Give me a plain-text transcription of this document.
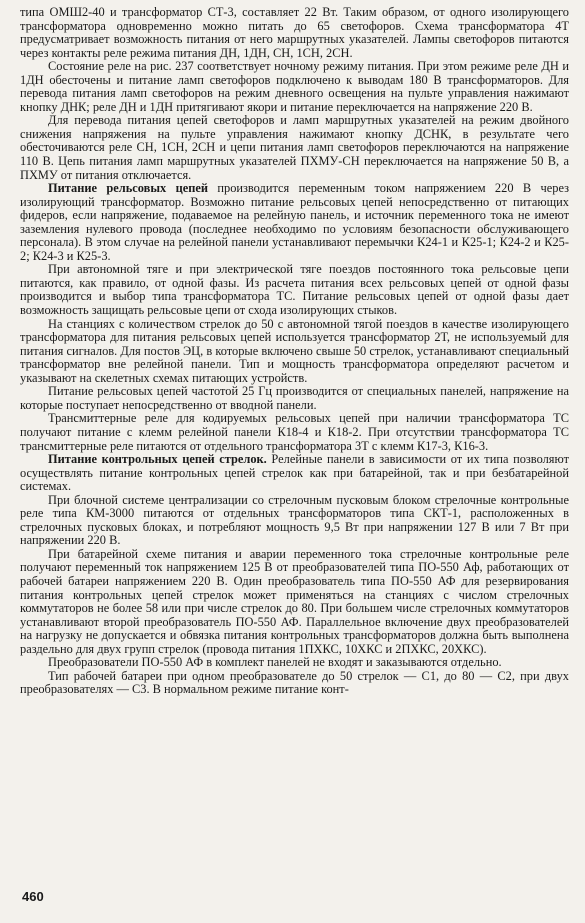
типа ОМШ2-40 и трансформатор СТ-3, составляет 22 Вт. Таким образом, от одного изолирующего трансформатора одновременно можно питать до 65 светофоров. Схема трансформатора 4Т предусматривает возможность питания от него маршрутных указателей. Лампы светофоров питаются через контакты реле режима питания ДН, 1ДН, СН, 1СН, 2СН.

Состояние реле на рис. 237 соответствует ночному режиму питания. При этом режиме реле ДН и 1ДН обесточены и питание ламп светофоров подключено к выводам 180 В трансформаторов. Для перевода питания ламп светофоров на режим дневного освещения на пульте управления нажимают кнопку ДНК; реле ДН и 1ДН притягивают якори и питание переключается на напряжение 220 В.

Для перевода питания цепей светофоров и ламп маршрутных указателей на режим двойного снижения напряжения на пульте управления нажимают кнопку ДСНК, в результате чего обесточиваются реле СН, 1СН, 2СН и цепи питания ламп светофоров переключаются на напряжение 110 В. Цепь питания ламп маршрутных указателей ПХМУ-СН переключается на напряжение 50 В, а ПХМУ от питания отключается.

Питание рельсовых цепей производится переменным током напряжением 220 В через изолирующий трансформатор. Возможно питание рельсовых цепей непосредственно от питающих фидеров, если напряжение, подаваемое на релейную панель, и источник переменного тока не имеют заземления нулевого провода (последнее необходимо по условиям безопасности обслуживающего персонала). В этом случае на релейной панели устанавливают перемычки К24-1 и К25-1; К24-2 и К25-2; К24-3 и К25-3.

При автономной тяге и при электрической тяге поездов постоянного тока рельсовые цепи питаются, как правило, от одной фазы. Из расчета питания всех рельсовых цепей от одной фазы производится и выбор типа трансформатора ТС. Питание рельсовых цепей от одной фазы дает возможность защищать рельсовые цепи от схода изолирующих стыков.

На станциях с количеством стрелок до 50 с автономной тягой поездов в качестве изолирующего трансформатора для питания рельсовых цепей используется трансформатор 2Т, не используемый для питания сигналов. Для постов ЭЦ, в которые включено свыше 50 стрелок, устанавливают специальный трансформатор вне релейной панели. Тип и мощность трансформатора определяют расчетом и указывают на скелетных схемах питающих устройств.

Питание рельсовых цепей частотой 25 Гц производится от специальных панелей, напряжение на которые поступает непосредственно от вводной панели.

Трансмиттерные реле для кодируемых рельсовых цепей при наличии трансформатора ТС получают питание с клемм релейной панели К18-4 и К18-2. При отсутствии трансформатора ТС трансмиттерные реле питаются от отдельного трансформатора 3Т с клемм К17-3, К16-3.

Питание контрольных цепей стрелок. Релейные панели в зависимости от их типа позволяют осуществлять питание контрольных цепей стрелок как при батарейной, так и при безбатарейной системах.

При блочной системе централизации со стрелочным пусковым блоком стрелочные контрольные реле типа КМ-3000 питаются от отдельных трансформаторов типа СКТ-1, расположенных в стрелочных пусковых блоках, и потребляют мощность 9,5 Вт при напряжении 127 В или 7 Вт при напряжении 220 В.

При батарейной схеме питания и аварии переменного тока стрелочные контрольные реле получают переменный ток напряжением 125 В от преобразователей типа ПО-550 Аф, работающих от рабочей батареи напряжением 220 В. Один преобразователь типа ПО-550 АФ для резервирования питания контрольных цепей стрелок может применяться на станциях с числом стрелочных коммутаторов не более 58 или при числе стрелок до 80. При большем числе стрелочных коммутаторов устанавливают второй преобразователь ПО-550 АФ. Параллельное включение двух преобразователей на нагрузку не допускается и обвязка питания контрольных трансформаторов должна быть выполнена раздельно для двух групп стрелок (провода питания 1ПХКС, 10ХКС и 2ПХКС, 20ХКС).

Преобразователи ПО-550 АФ в комплект панелей не входят и заказываются отдельно.

Тип рабочей батареи при одном преобразователе до 50 стрелок — С1, до 80 — С2, при двух преобразователях — С3. В нормальном режиме питание конт-

460
